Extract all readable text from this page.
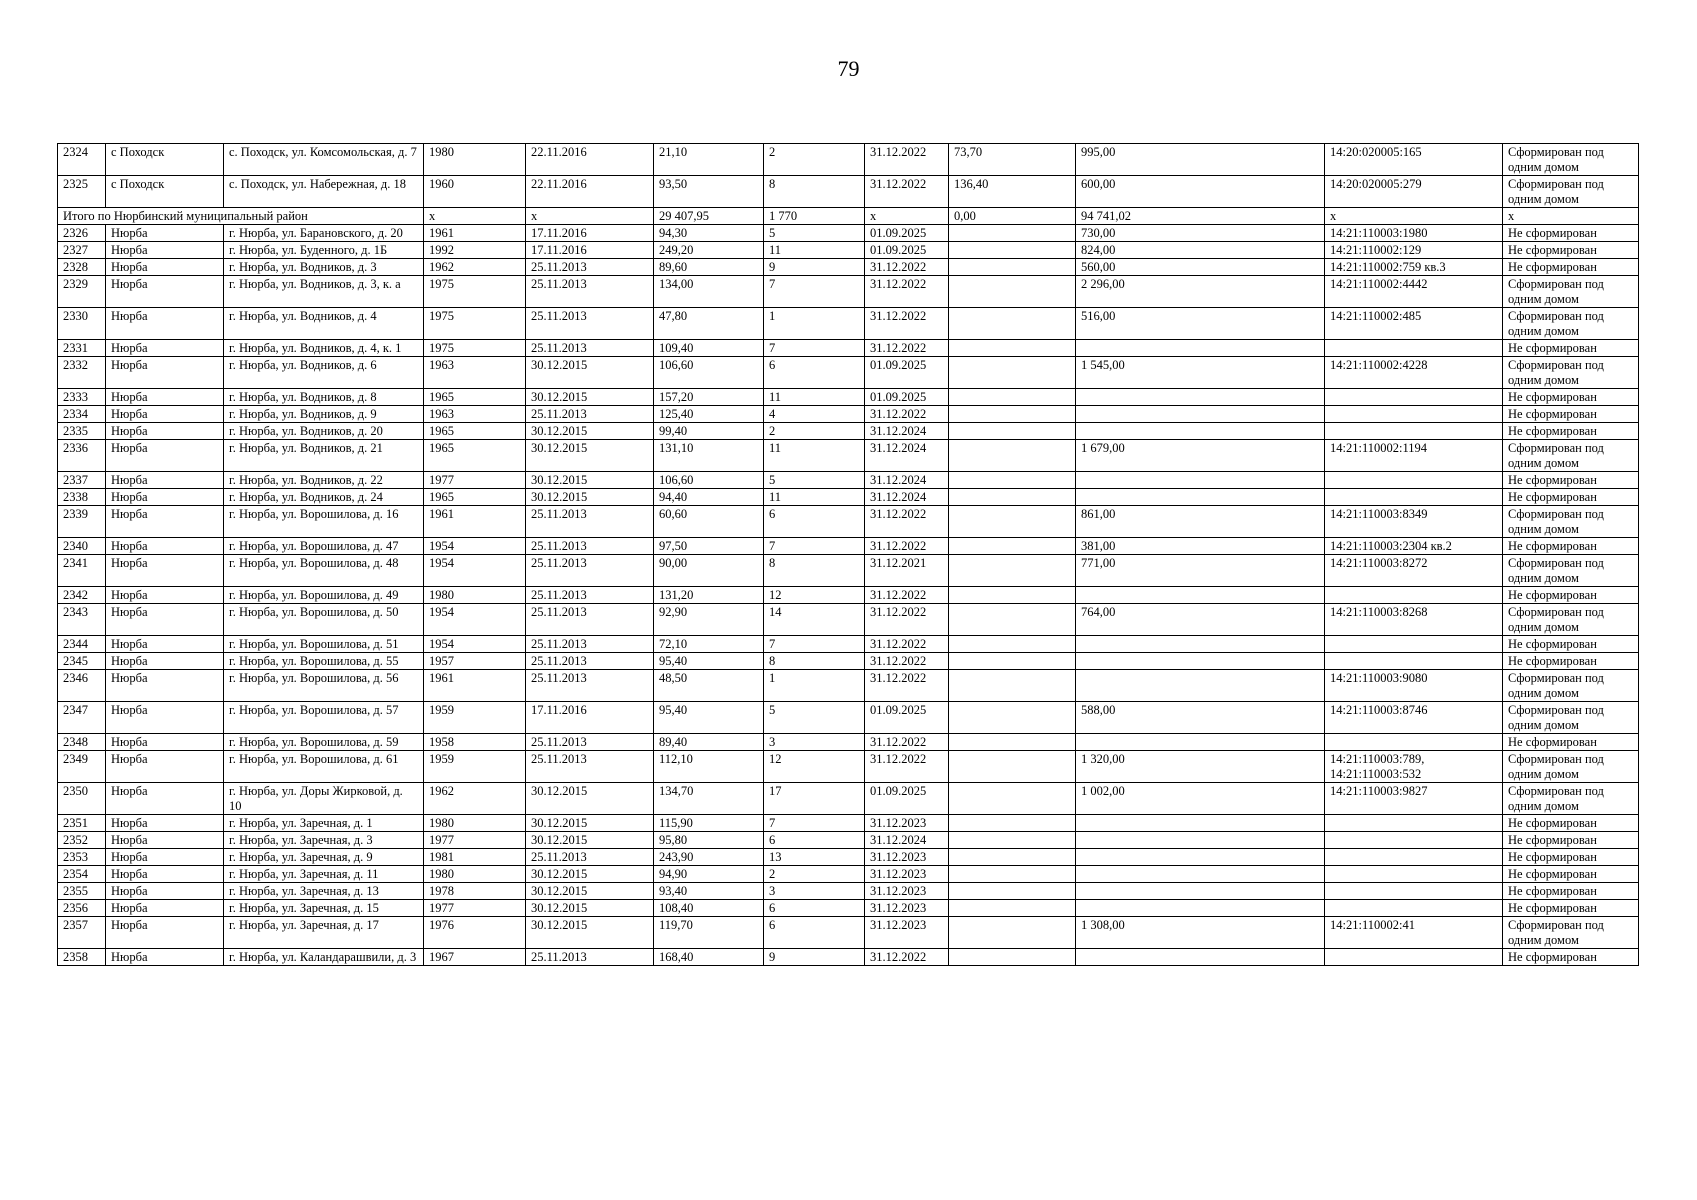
79
2324	с Походск	с. Походск, ул. Комсомольская, д. 7	1980	22.11.2016	21,10	2	31.12.2022	73,70	995,00	14:20:020005:165	Сформирован под одним домом
2325	с Походск	с. Походск, ул. Набережная, д. 18	1960	22.11.2016	93,50	8	31.12.2022	136,40	600,00	14:20:020005:279	Сформирован под одним домом
Итого по Нюрбинский муниципальный район			x	x	29 407,95	1 770	x	0,00	94 741,02	x	x
2326	Нюрба	г. Нюрба, ул. Барановского, д. 20	1961	17.11.2016	94,30	5	01.09.2025		730,00	14:21:110003:1980	Не сформирован
2327	Нюрба	г. Нюрба, ул. Буденного, д. 1Б	1992	17.11.2016	249,20	11	01.09.2025		824,00	14:21:110002:129	Не сформирован
2328	Нюрба	г. Нюрба, ул. Водников, д. 3	1962	25.11.2013	89,60	9	31.12.2022		560,00	14:21:110002:759 кв.3	Не сформирован
2329	Нюрба	г. Нюрба, ул. Водников, д. 3, к. а	1975	25.11.2013	134,00	7	31.12.2022		2 296,00	14:21:110002:4442	Сформирован под одним домом
2330	Нюрба	г. Нюрба, ул. Водников, д. 4	1975	25.11.2013	47,80	1	31.12.2022		516,00	14:21:110002:485	Сформирован под одним домом
2331	Нюрба	г. Нюрба, ул. Водников, д. 4, к. 1	1975	25.11.2013	109,40	7	31.12.2022				Не сформирован
2332	Нюрба	г. Нюрба, ул. Водников, д. 6	1963	30.12.2015	106,60	6	01.09.2025		1 545,00	14:21:110002:4228	Сформирован под одним домом
2333	Нюрба	г. Нюрба, ул. Водников, д. 8	1965	30.12.2015	157,20	11	01.09.2025				Не сформирован
2334	Нюрба	г. Нюрба, ул. Водников, д. 9	1963	25.11.2013	125,40	4	31.12.2022				Не сформирован
2335	Нюрба	г. Нюрба, ул. Водников, д. 20	1965	30.12.2015	99,40	2	31.12.2024				Не сформирован
2336	Нюрба	г. Нюрба, ул. Водников, д. 21	1965	30.12.2015	131,10	11	31.12.2024		1 679,00	14:21:110002:1194	Сформирован под одним домом
2337	Нюрба	г. Нюрба, ул. Водников, д. 22	1977	30.12.2015	106,60	5	31.12.2024				Не сформирован
2338	Нюрба	г. Нюрба, ул. Водников, д. 24	1965	30.12.2015	94,40	11	31.12.2024				Не сформирован
2339	Нюрба	г. Нюрба, ул. Ворошилова, д. 16	1961	25.11.2013	60,60	6	31.12.2022		861,00	14:21:110003:8349	Сформирован под одним домом
2340	Нюрба	г. Нюрба, ул. Ворошилова, д. 47	1954	25.11.2013	97,50	7	31.12.2022		381,00	14:21:110003:2304 кв.2	Не сформирован
2341	Нюрба	г. Нюрба, ул. Ворошилова, д. 48	1954	25.11.2013	90,00	8	31.12.2021		771,00	14:21:110003:8272	Сформирован под одним домом
2342	Нюрба	г. Нюрба, ул. Ворошилова, д. 49	1980	25.11.2013	131,20	12	31.12.2022				Не сформирован
2343	Нюрба	г. Нюрба, ул. Ворошилова, д. 50	1954	25.11.2013	92,90	14	31.12.2022		764,00	14:21:110003:8268	Сформирован под одним домом
2344	Нюрба	г. Нюрба, ул. Ворошилова, д. 51	1954	25.11.2013	72,10	7	31.12.2022				Не сформирован
2345	Нюрба	г. Нюрба, ул. Ворошилова, д. 55	1957	25.11.2013	95,40	8	31.12.2022				Не сформирован
2346	Нюрба	г. Нюрба, ул. Ворошилова, д. 56	1961	25.11.2013	48,50	1	31.12.2022			14:21:110003:9080	Сформирован под одним домом
2347	Нюрба	г. Нюрба, ул. Ворошилова, д. 57	1959	17.11.2016	95,40	5	01.09.2025		588,00	14:21:110003:8746	Сформирован под одним домом
2348	Нюрба	г. Нюрба, ул. Ворошилова, д. 59	1958	25.11.2013	89,40	3	31.12.2022				Не сформирован
2349	Нюрба	г. Нюрба, ул. Ворошилова, д. 61	1959	25.11.2013	112,10	12	31.12.2022		1 320,00	14:21:110003:789, 14:21:110003:532	Сформирован под одним домом
2350	Нюрба	г. Нюрба, ул. Доры Жирковой, д. 10	1962	30.12.2015	134,70	17	01.09.2025		1 002,00	14:21:110003:9827	Сформирован под одним домом
2351	Нюрба	г. Нюрба, ул. Заречная, д. 1	1980	30.12.2015	115,90	7	31.12.2023				Не сформирован
2352	Нюрба	г. Нюрба, ул. Заречная, д. 3	1977	30.12.2015	95,80	6	31.12.2024				Не сформирован
2353	Нюрба	г. Нюрба, ул. Заречная, д. 9	1981	25.11.2013	243,90	13	31.12.2023				Не сформирован
2354	Нюрба	г. Нюрба, ул. Заречная, д. 11	1980	30.12.2015	94,90	2	31.12.2023				Не сформирован
2355	Нюрба	г. Нюрба, ул. Заречная, д. 13	1978	30.12.2015	93,40	3	31.12.2023				Не сформирован
2356	Нюрба	г. Нюрба, ул. Заречная, д. 15	1977	30.12.2015	108,40	6	31.12.2023				Не сформирован
2357	Нюрба	г. Нюрба, ул. Заречная, д. 17	1976	30.12.2015	119,70	6	31.12.2023		1 308,00	14:21:110002:41	Сформирован под одним домом
2358	Нюрба	г. Нюрба, ул. Каландарашвили, д. 3	1967	25.11.2013	168,40	9	31.12.2022				Не сформирован
